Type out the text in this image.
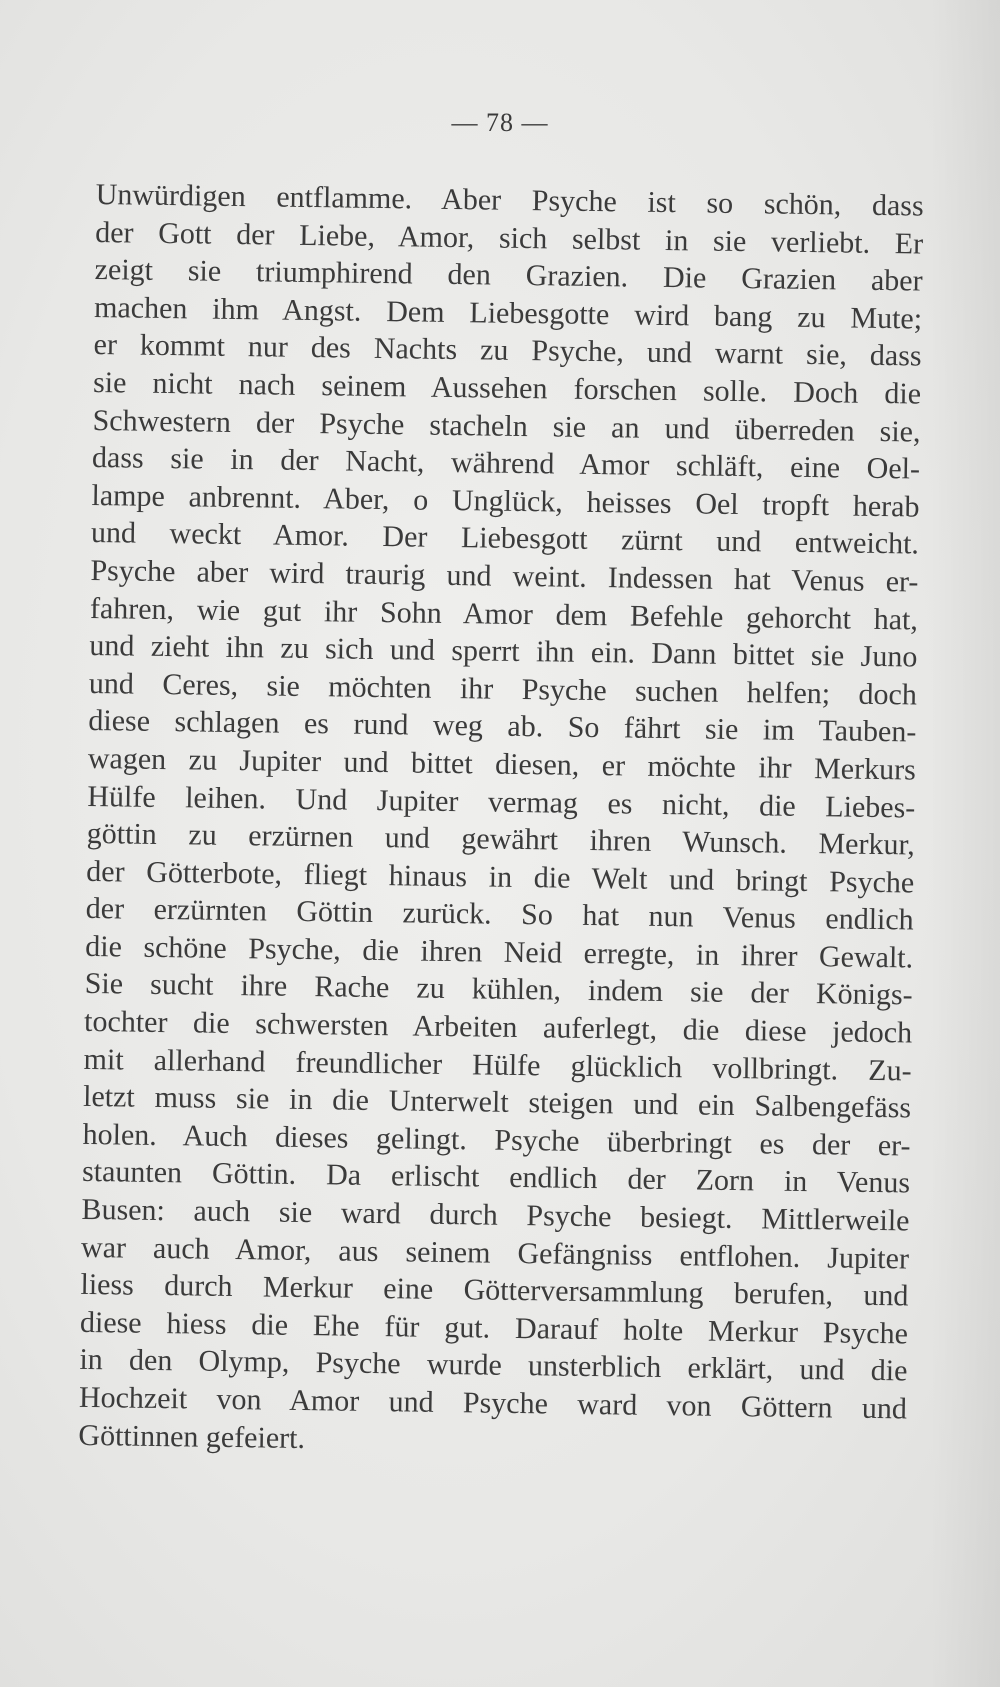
— 78 —
Unwürdigen entflamme. Aber Psyche ist so schön, dass
der Gott der Liebe, Amor, sich selbst in sie verliebt. Er
zeigt sie triumphirend den Grazien. Die Grazien aber
machen ihm Angst. Dem Liebesgotte wird bang zu Mute;
er kommt nur des Nachts zu Psyche, und warnt sie, dass
sie nicht nach seinem Aussehen forschen solle. Doch die
Schwestern der Psyche stacheln sie an und überreden sie,
dass sie in der Nacht, während Amor schläft, eine Oel-
lampe anbrennt. Aber, o Unglück, heisses Oel tropft herab
und weckt Amor. Der Liebesgott zürnt und entweicht.
Psyche aber wird traurig und weint. Indessen hat Venus er-
fahren, wie gut ihr Sohn Amor dem Befehle gehorcht hat,
und zieht ihn zu sich und sperrt ihn ein. Dann bittet sie Juno
und Ceres, sie möchten ihr Psyche suchen helfen; doch
diese schlagen es rund weg ab. So fährt sie im Tauben-
wagen zu Jupiter und bittet diesen, er möchte ihr Merkurs
Hülfe leihen. Und Jupiter vermag es nicht, die Liebes-
göttin zu erzürnen und gewährt ihren Wunsch. Merkur,
der Götterbote, fliegt hinaus in die Welt und bringt Psyche
der erzürnten Göttin zurück. So hat nun Venus endlich
die schöne Psyche, die ihren Neid erregte, in ihrer Gewalt.
Sie sucht ihre Rache zu kühlen, indem sie der Königs-
tochter die schwersten Arbeiten auferlegt, die diese jedoch
mit allerhand freundlicher Hülfe glücklich vollbringt. Zu-
letzt muss sie in die Unterwelt steigen und ein Salbengefäss
holen. Auch dieses gelingt. Psyche überbringt es der er-
staunten Göttin. Da erlischt endlich der Zorn in Venus
Busen: auch sie ward durch Psyche besiegt. Mittlerweile
war auch Amor, aus seinem Gefängniss entflohen. Jupiter
liess durch Merkur eine Götterversammlung berufen, und
diese hiess die Ehe für gut. Darauf holte Merkur Psyche
in den Olymp, Psyche wurde unsterblich erklärt, und die
Hochzeit von Amor und Psyche ward von Göttern und
Göttinnen gefeiert.
